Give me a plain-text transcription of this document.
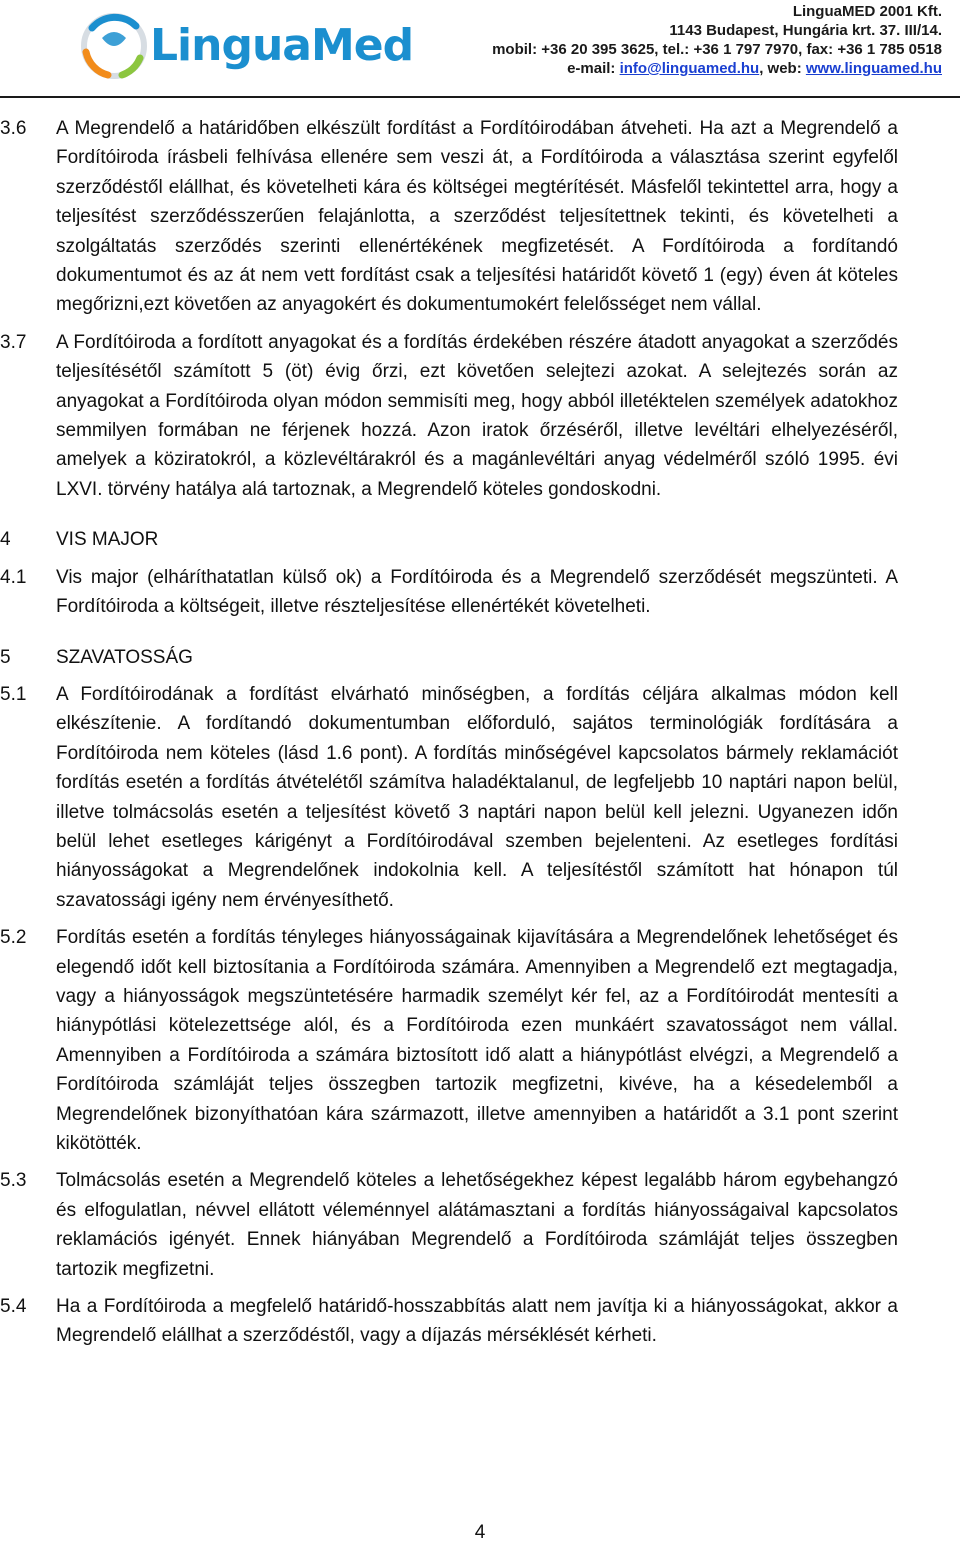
LinguaMed
LinguaMED 2001 Kft.
1143 Budapest, Hungária krt. 37. III/14.
mobil: +36 20 395 3625, tel.: +36 1 797 7970, fax: +36 1 785 0518
e-mail: info@linguamed.hu, web: www.linguamed.hu
3.6 A Megrendelő a határidőben elkészült fordítást a Fordítóirodában átveheti. Ha azt a Megrendelő a Fordítóiroda írásbeli felhívása ellenére sem veszi át, a Fordítóiroda a választása szerint egyfelől szerződéstől elállhat, és követelheti kára és költségei megtérítését. Másfelől tekintettel arra, hogy a teljesítést szerződésszerűen felajánlotta, a szerződést teljesítettnek tekinti, és követelheti a szolgáltatás szerződés szerinti ellenértékének megfizetését. A Fordítóiroda a fordítandó dokumentumot és az át nem vett fordítást csak a teljesítési határidőt követő 1 (egy) éven át köteles megőrizni,ezt követően az anyagokért és dokumentumokért felelősséget nem vállal.
3.7 A Fordítóiroda a fordított anyagokat és a fordítás érdekében részére átadott anyagokat a szerződés teljesítésétől számított 5 (öt) évig őrzi, ezt követően selejtezi azokat. A selejtezés során az anyagokat a Fordítóiroda olyan módon semmisíti meg, hogy abból illetéktelen személyek adatokhoz semmilyen formában ne férjenek hozzá. Azon iratok őrzéséről, illetve levéltári elhelyezéséről, amelyek a köziratokról, a közlevéltárakról és a magánlevéltári anyag védelméről szóló 1995. évi LXVI. törvény hatálya alá tartoznak, a Megrendelő köteles gondoskodni.
4 VIS MAJOR
4.1 Vis major (elháríthatatlan külső ok) a Fordítóiroda és a Megrendelő szerződését megszünteti. A Fordítóiroda a költségeit, illetve részteljesítése ellenértékét követelheti.
5 SZAVATOSSÁG
5.1 A Fordítóirodának a fordítást elvárható minőségben, a fordítás céljára alkalmas módon kell elkészítenie. A fordítandó dokumentumban előforduló, sajátos terminológiák fordítására a Fordítóiroda nem köteles (lásd 1.6 pont). A fordítás minőségével kapcsolatos bármely reklamációt fordítás esetén a fordítás átvételétől számítva haladéktalanul, de legfeljebb 10 naptári napon belül, illetve tolmácsolás esetén a teljesítést követő 3 naptári napon belül kell jelezni. Ugyanezen időn belül lehet esetleges kárigényt a Fordítóirodával szemben bejelenteni. Az esetleges fordítási hiányosságokat a Megrendelőnek indokolnia kell. A teljesítéstől számított hat hónapon túl szavatossági igény nem érvényesíthető.
5.2 Fordítás esetén a fordítás tényleges hiányosságainak kijavítására a Megrendelőnek lehetőséget és elegendő időt kell biztosítania a Fordítóiroda számára. Amennyiben a Megrendelő ezt megtagadja, vagy a hiányosságok megszüntetésére harmadik személyt kér fel, az a Fordítóirodát mentesíti a hiánypótlási kötelezettsége alól, és a Fordítóiroda ezen munkáért szavatosságot nem vállal. Amennyiben a Fordítóiroda a számára biztosított idő alatt a hiánypótlást elvégzi, a Megrendelő a Fordítóiroda számláját teljes összegben tartozik megfizetni, kivéve, ha a késedelemből a Megrendelőnek bizonyíthatóan kára származott, illetve amennyiben a határidőt a 3.1 pont szerint kikötötték.
5.3 Tolmácsolás esetén a Megrendelő köteles a lehetőségekhez képest legalább három egybehangzó és elfogulatlan, névvel ellátott véleménnyel alátámasztani a fordítás hiányosságaival kapcsolatos reklamációs igényét. Ennek hiányában Megrendelő a Fordítóiroda számláját teljes összegben tartozik megfizetni.
5.4 Ha a Fordítóiroda a megfelelő határidő-hosszabbítás alatt nem javítja ki a hiányosságokat, akkor a Megrendelő elállhat a szerződéstől, vagy a díjazás mérséklését kérheti.
4
